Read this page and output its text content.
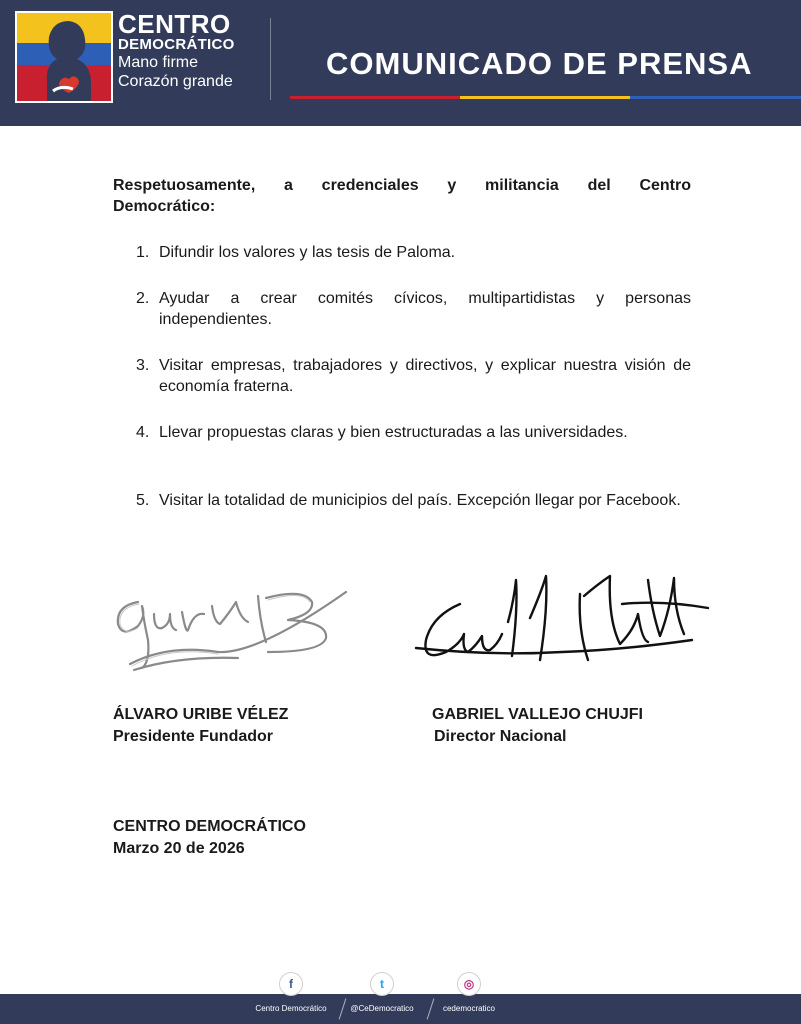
CENTRO
DEMOCRÁTICO
Mano firme
Corazón grande
COMUNICADO DE PRENSA
Respetuosamente, a credenciales y militancia del Centro
Democrático:
1. Difundir los valores y las tesis de Paloma.
2. Ayudar a crear comités cívicos, multipartidistas y personas independientes.
3. Visitar empresas, trabajadores y directivos, y explicar nuestra visión de economía fraterna.
4. Llevar propuestas claras y bien estructuradas a las universidades.
5. Visitar la totalidad de municipios del país. Excepción llegar por Facebook.
ÁLVARO URIBE VÉLEZ
Presidente Fundador
GABRIEL VALLEJO CHUJFI
Director Nacional
CENTRO DEMOCRÁTICO
Marzo 20 de 2026
f
Centro Democrático
t
@CeDemocratico
◎
cedemocratico
